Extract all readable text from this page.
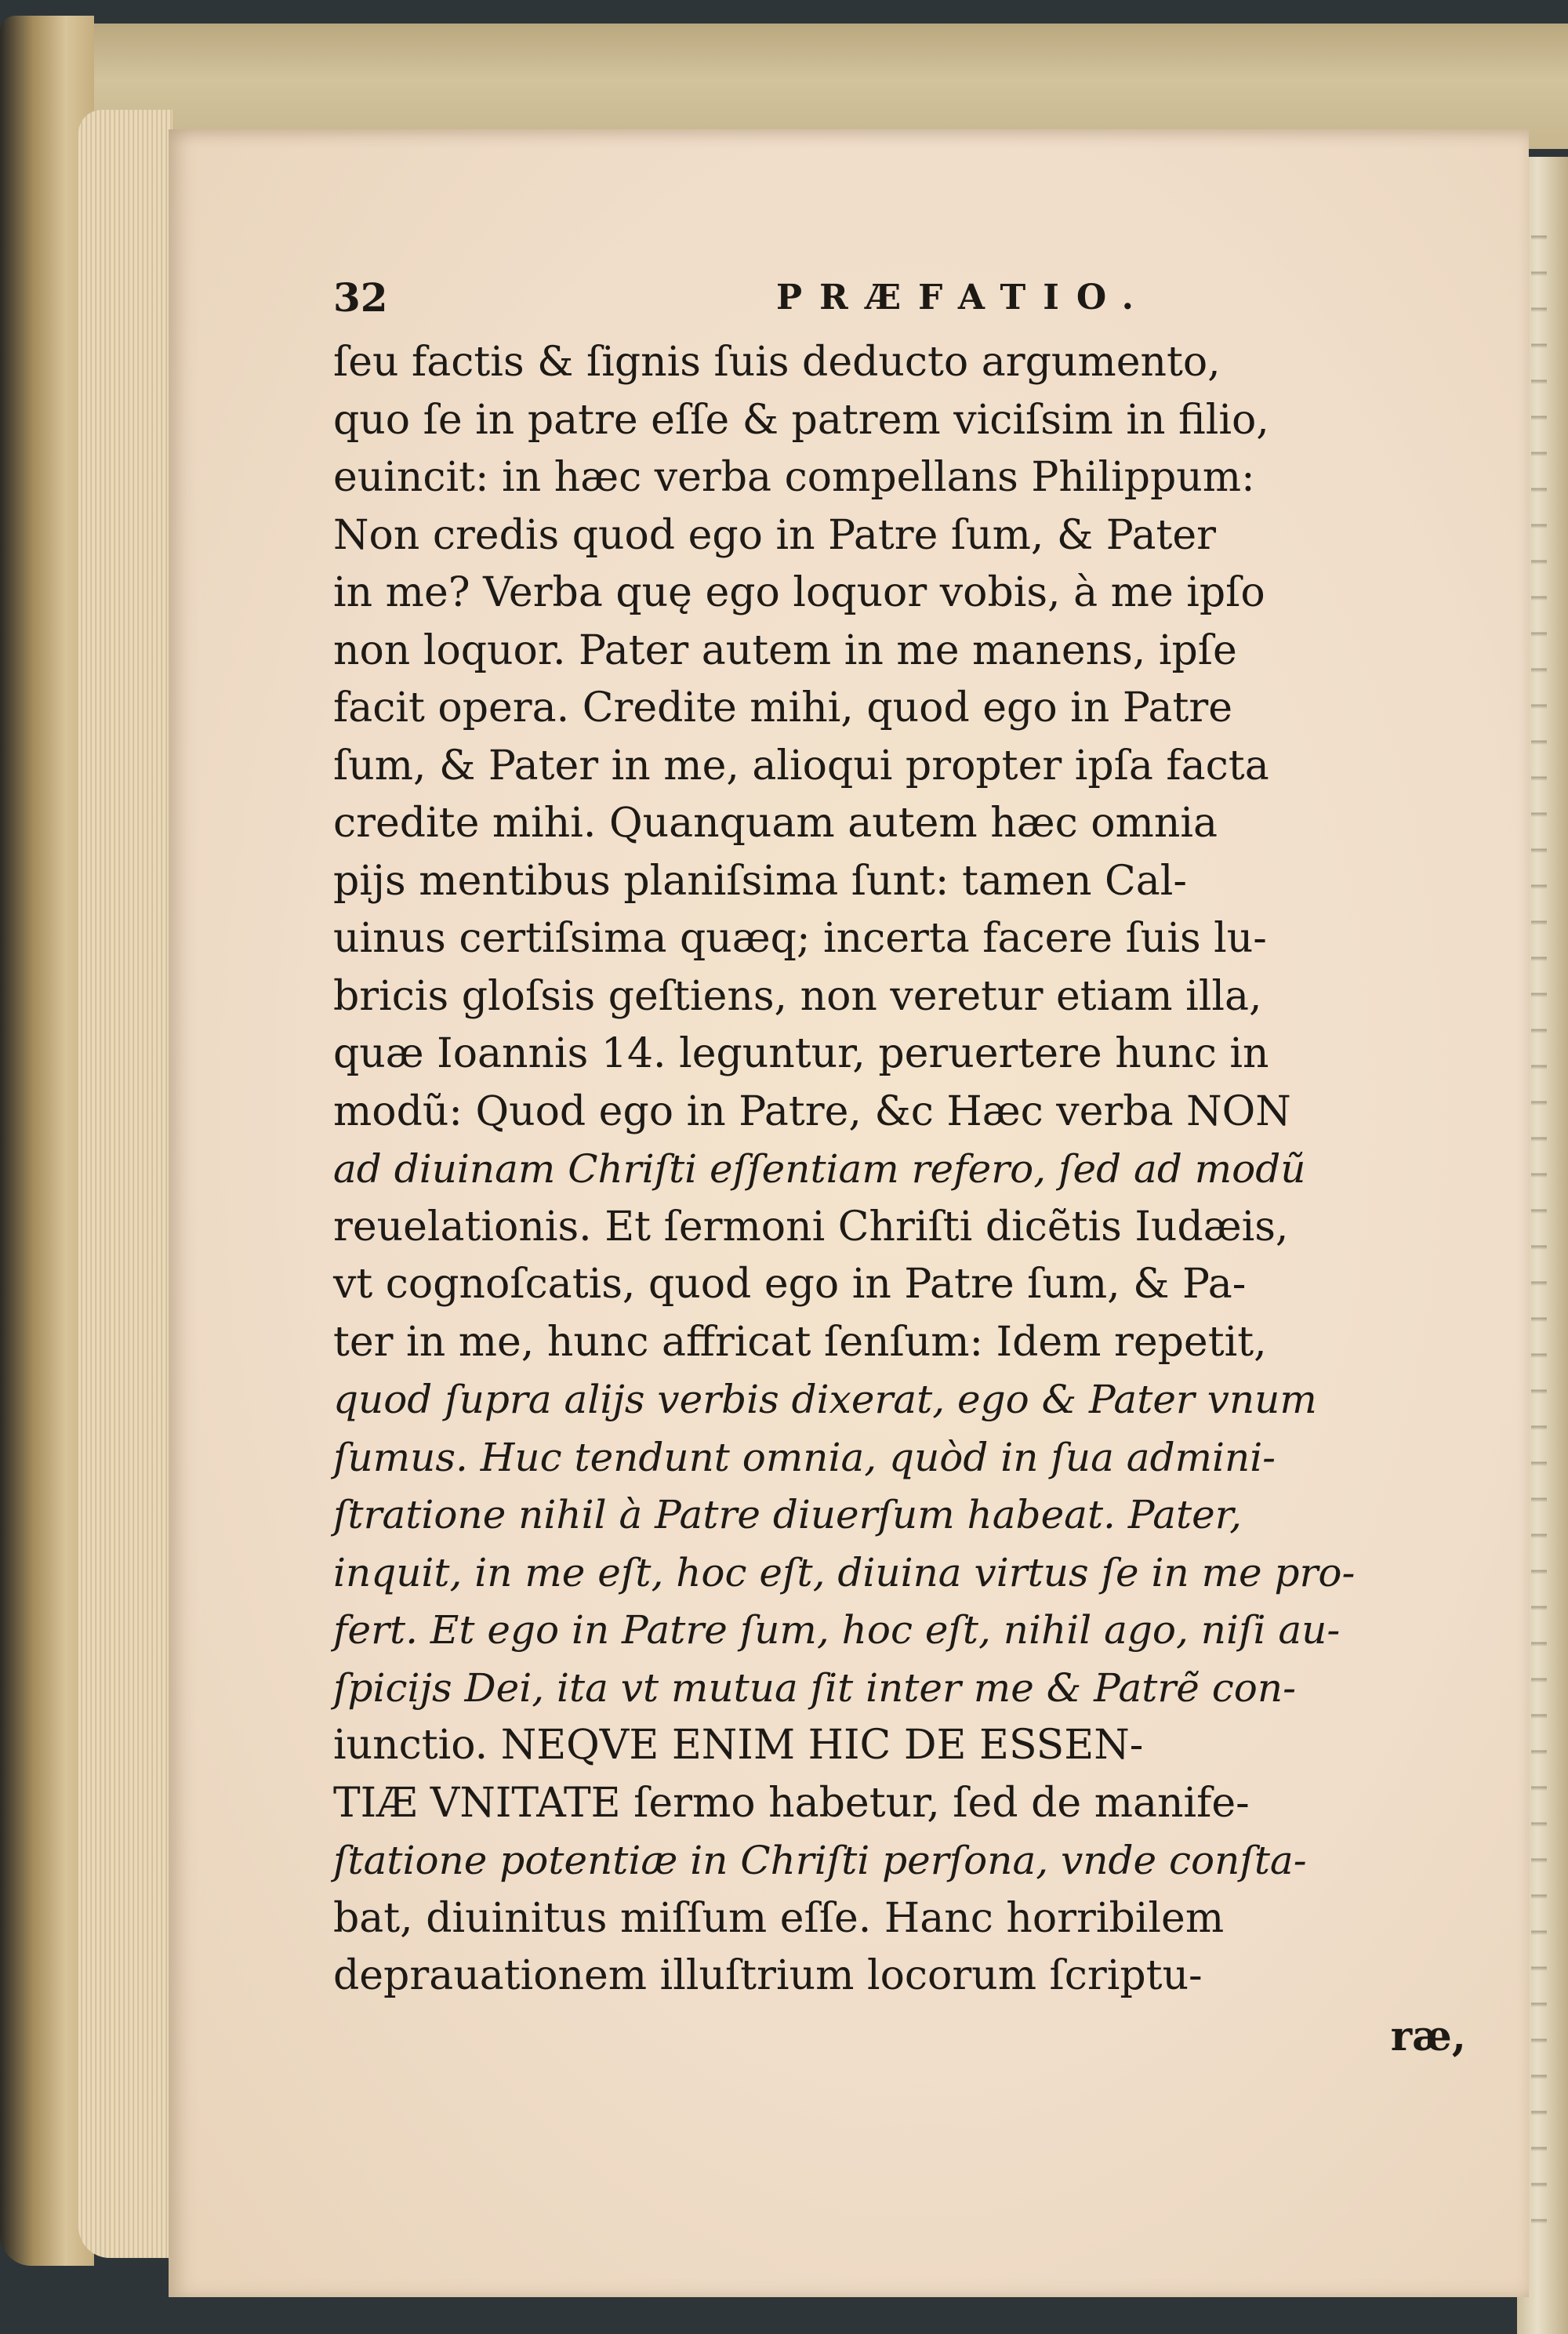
32	PRÆFATIO.
ſeu factis & ſignis ſuis deducto argumento,
quo ſe in patre eſſe & patrem viciſsim in filio,
euincit: in hæc verba compellans Philippum:
Non credis quod ego in Patre ſum, & Pater
in me? Verba quę ego loquor vobis, à me ipſo
non loquor. Pater autem in me manens, ipſe
facit opera. Credite mihi, quod ego in Patre
ſum, & Pater in me, alioqui propter ipſa facta
credite mihi. Quanquam autem hæc omnia
pijs mentibus planiſsima ſunt: tamen Cal-
uinus certiſsima quæq; incerta facere ſuis lu-
bricis gloſsis geſtiens, non veretur etiam illa,
quæ Ioannis 14. leguntur, peruertere hunc in
modũ: Quod ego in Patre, &c Hæc verba NON
ad diuinam Chriſti eſſentiam refero, ſed ad modũ
reuelationis. Et ſermoni Chriſti dicẽtis Iudæis,
vt cognoſcatis, quod ego in Patre ſum, & Pa-
ter in me, hunc affricat ſenſum: Idem repetit,
quod ſupra alijs verbis dixerat, ego & Pater vnum
ſumus. Huc tendunt omnia, quòd in ſua admini-
ſtratione nihil à Patre diuerſum habeat. Pater,
inquit, in me eſt, hoc eſt, diuina virtus ſe in me pro-
fert. Et ego in Patre ſum, hoc eſt, nihil ago, niſi au-
ſpicijs Dei, ita vt mutua ſit inter me & Patrẽ con-
iunctio. NEQVE ENIM HIC DE ESSEN-
TIÆ VNITATE ſermo habetur, ſed de manife-
ſtatione potentiæ in Chriſti perſona, vnde conſta-
bat, diuinitus miſſum eſſe. Hanc horribilem
deprauationem illuſtrium locorum ſcriptu-
ræ,
